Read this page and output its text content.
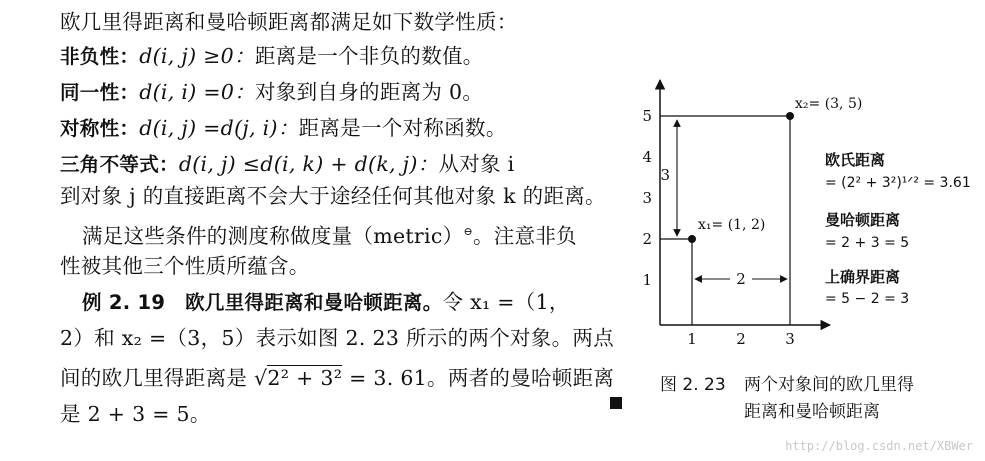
欧几里得距离和曼哈顿距离都满足如下数学性质：
非负性：d(i, j) ≥0：距离是一个非负的数值。
同一性：d(i, i) =0：对象到自身的距离为 0。
对称性：d(i, j) =d(j, i)：距离是一个对称函数。
三角不等式：d(i, j) ≤d(i, k) + d(k, j)：从对象 i
到对象 j 的直接距离不会大于途经任何其他对象 k 的距离。
满足这些条件的测度称做度量（metric）⊖。注意非负
性被其他三个性质所蕴含。
例 2. 19　欧几里得距离和曼哈顿距离。令 x₁ =（1，
2）和 x₂ =（3，5）表示如图 2. 23 所示的两个对象。两点
间的欧几里得距离是 √2² + 3² = 3. 61。两者的曼哈顿距离
是 2 + 3 = 5。
1
2
3
4
5
1	2	3
3
2
x₁= (1, 2)
x₂= (3, 5)
欧氏距离
= (2² + 3²)¹ᐟ² = 3.61
曼哈顿距离
= 2 + 3 = 5
上确界距离
= 5 − 2 = 3
图 2. 23 两个对象间的欧几里得
距离和曼哈顿距离
http://blog.csdn.net/XBWer
